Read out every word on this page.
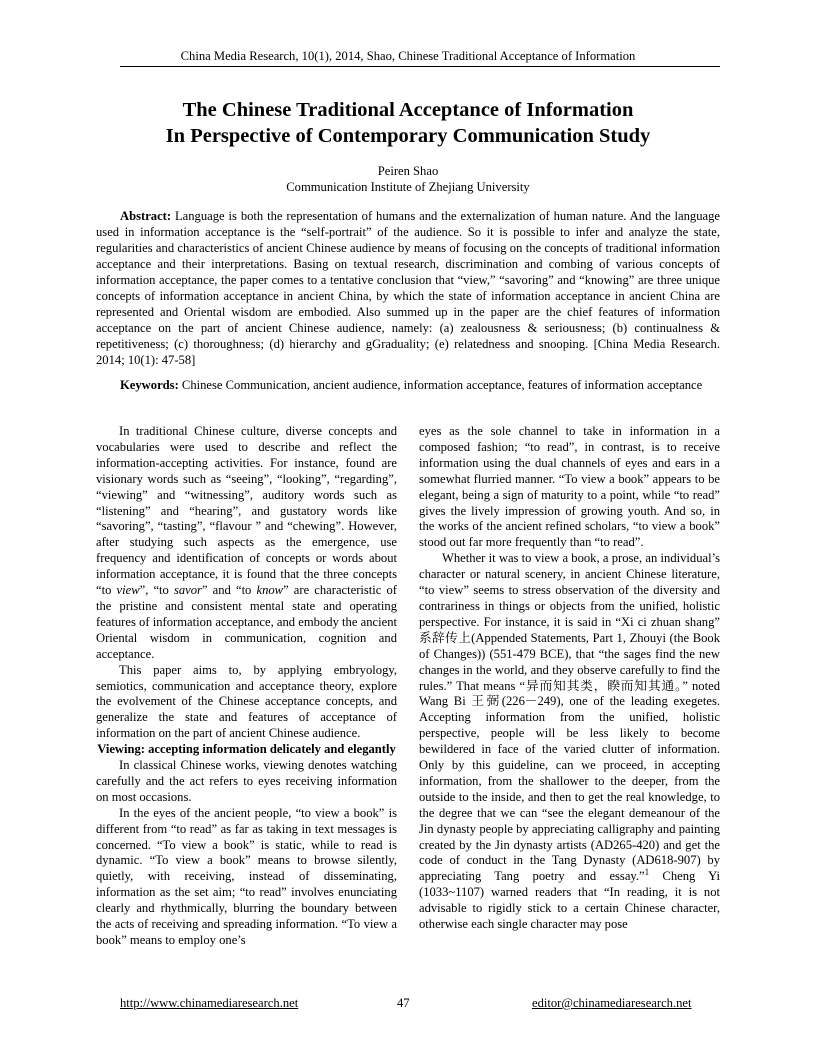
China Media Research, 10(1), 2014, Shao, Chinese Traditional Acceptance of Information
The Chinese Traditional Acceptance of Information
In Perspective of Contemporary Communication Study
Peiren Shao
Communication Institute of Zhejiang University

Abstract: Language is both the representation of humans and the externalization of human nature. And the language used in information acceptance is the “self-portrait” of the audience. So it is possible to infer and analyze the state, regularities and characteristics of ancient Chinese audience by means of focusing on the concepts of traditional information acceptance and their interpretations. Basing on textual research, discrimination and combing of various concepts of information acceptance, the paper comes to a tentative conclusion that “view,” “savoring” and “knowing” are three unique concepts of information acceptance in ancient China, by which the state of information acceptance in ancient China are represented and Oriental wisdom are embodied. Also summed up in the paper are the chief features of information acceptance on the part of ancient Chinese audience, namely: (a) zealousness & seriousness; (b) continualness & repetitiveness; (c) thoroughness; (d) hierarchy and gGraduality; (e) relatedness and snooping. [China Media Research. 2014; 10(1): 47-58]

Keywords: Chinese Communication, ancient audience, information acceptance, features of information acceptance

In traditional Chinese culture, diverse concepts and vocabularies were used to describe and reflect the information-accepting activities. For instance, found are visionary words such as “seeing”, “looking”, “regarding”, “viewing” and “witnessing”, auditory words such as “listening” and “hearing”, and gustatory words like “savoring”, “tasting”, “flavour ” and “chewing”. However, after studying such aspects as the emergence, use frequency and identification of concepts or words about information acceptance, it is found that the three concepts “to view”, “to savor” and “to know” are characteristic of the pristine and consistent mental state and operating features of information acceptance, and embody the ancient Oriental wisdom in communication, cognition and acceptance.

This paper aims to, by applying embryology, semiotics, communication and acceptance theory, explore the evolvement of the Chinese acceptance concepts, and generalize the state and features of acceptance of information on the part of ancient Chinese audience.

Viewing: accepting information delicately and elegantly

In classical Chinese works, viewing denotes watching carefully and the act refers to eyes receiving information on most occasions.

In the eyes of the ancient people, “to view a book” is different from “to read” as far as taking in text messages is concerned. “To view a book” is static, while to read is dynamic. “To view a book” means to browse silently, quietly, with receiving, instead of disseminating, information as the set aim; “to read” involves enunciating clearly and rhythmically, blurring the boundary between the acts of receiving and spreading information. “To view a book” means to employ one’s

eyes as the sole channel to take in information in a composed fashion; “to read”, in contrast, is to receive information using the dual channels of eyes and ears in a somewhat flurried manner. “To view a book” appears to be elegant, being a sign of maturity to a point, while “to read” gives the lively impression of growing youth. And so, in the works of the ancient refined scholars, “to view a book” stood out far more frequently than “to read”.

Whether it was to view a book, a prose, an individual’s character or natural scenery, in ancient Chinese literature, “to view” seems to stress observation of the diversity and contrariness in things or objects from the unified, holistic perspective. For instance, it is said in “Xi ci zhuan shang” 系辞传上(Appended Statements, Part 1, Zhouyi (the Book of Changes)) (551-479 BCE), that “the sages find the new changes in the world, and they observe carefully to find the rules.” That means “异而知其类，睽而知其通。” noted Wang Bi 王弼(226－249), one of the leading exegetes. Accepting information from the unified, holistic perspective, people will be less likely to become bewildered in face of the varied clutter of information. Only by this guideline, can we proceed, in accepting information, from the shallower to the deeper, from the outside to the inside, and then to get the real knowledge, to the degree that we can “see the elegant demeanour of the Jin dynasty people by appreciating calligraphy and painting created by the Jin dynasty artists (AD265-420) and get the code of conduct in the Tang Dynasty (AD618-907) by appreciating Tang poetry and essay.”$^1$ Cheng Yi (1033~1107) warned readers that “In reading, it is not advisable to rigidly stick to a certain Chinese character, otherwise each single character may pose

http://www.chinamediaresearch.net	47	editor@chinamediaresearch.net
